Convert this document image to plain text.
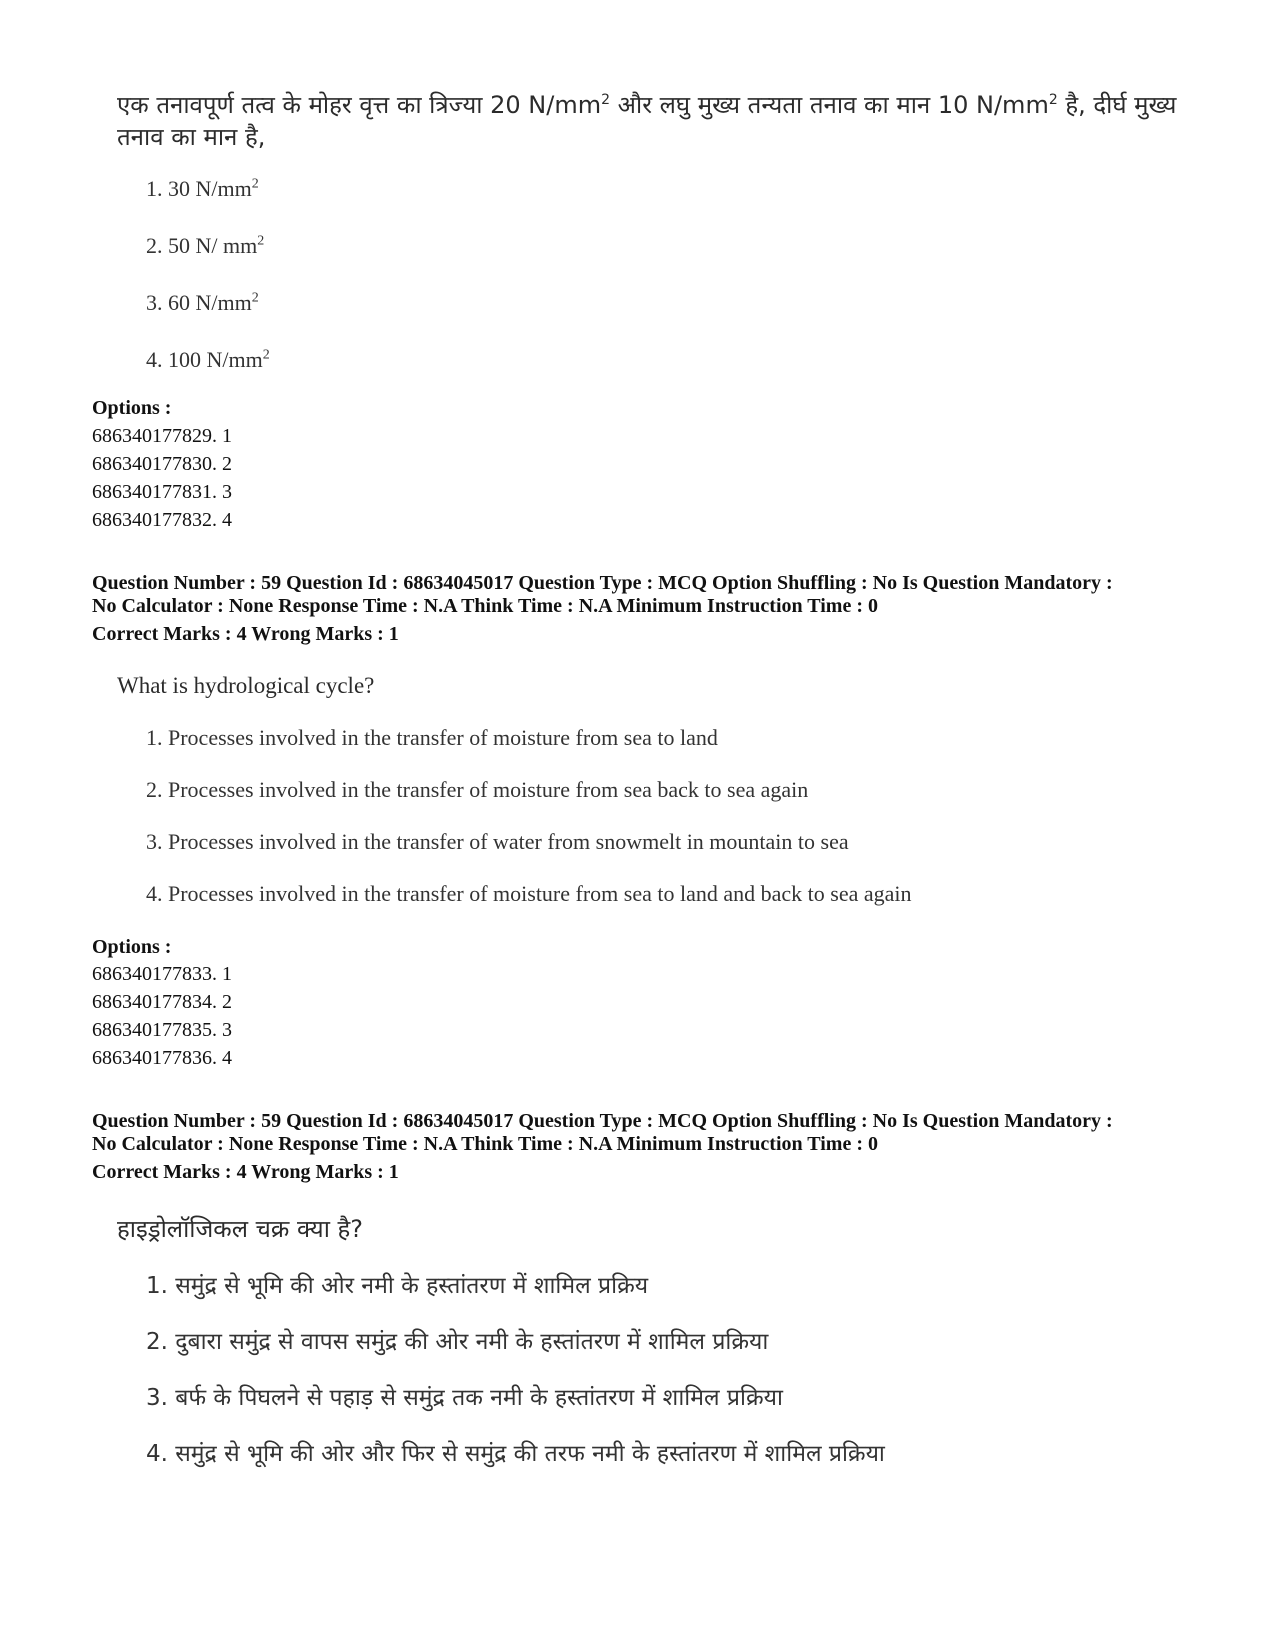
एक तनावपूर्ण तत्व के मोहर वृत्त का त्रिज्या 20 $N/mm^2$ और लघु मुख्य तन्यता तनाव का मान 10 $N/mm^2$ है, दीर्घ मुख्य
तनाव का मान है,
1. 30 $N/mm^2$
2. 50 N/ $mm^2$
3. 60 $N/mm^2$
4. 100 $N/mm^2$
Options :
686340177829. 1
686340177830. 2
686340177831. 3
686340177832. 4
Question Number : 59 Question Id : 68634045017 Question Type : MCQ Option Shuffling : No Is Question Mandatory :
No Calculator : None Response Time : N.A Think Time : N.A Minimum Instruction Time : 0
Correct Marks : 4 Wrong Marks : 1
What is hydrological cycle?
1. Processes involved in the transfer of moisture from sea to land
2. Processes involved in the transfer of moisture from sea back to sea again
3. Processes involved in the transfer of water from snowmelt in mountain to sea
4. Processes involved in the transfer of moisture from sea to land and back to sea again
Options :
686340177833. 1
686340177834. 2
686340177835. 3
686340177836. 4
Question Number : 59 Question Id : 68634045017 Question Type : MCQ Option Shuffling : No Is Question Mandatory :
No Calculator : None Response Time : N.A Think Time : N.A Minimum Instruction Time : 0
Correct Marks : 4 Wrong Marks : 1
हाइड्रोलॉजिकल चक्र क्या है?
1. समुंद्र से भूमि की ओर नमी के हस्तांतरण में शामिल प्रक्रिय
2. दुबारा समुंद्र से वापस समुंद्र की ओर नमी के हस्तांतरण में शामिल प्रक्रिया
3. बर्फ के पिघलने से पहाड़ से समुंद्र तक नमी के हस्तांतरण में शामिल प्रक्रिया
4. समुंद्र से भूमि की ओर और फिर से समुंद्र की तरफ नमी के हस्तांतरण में शामिल प्रक्रिया
